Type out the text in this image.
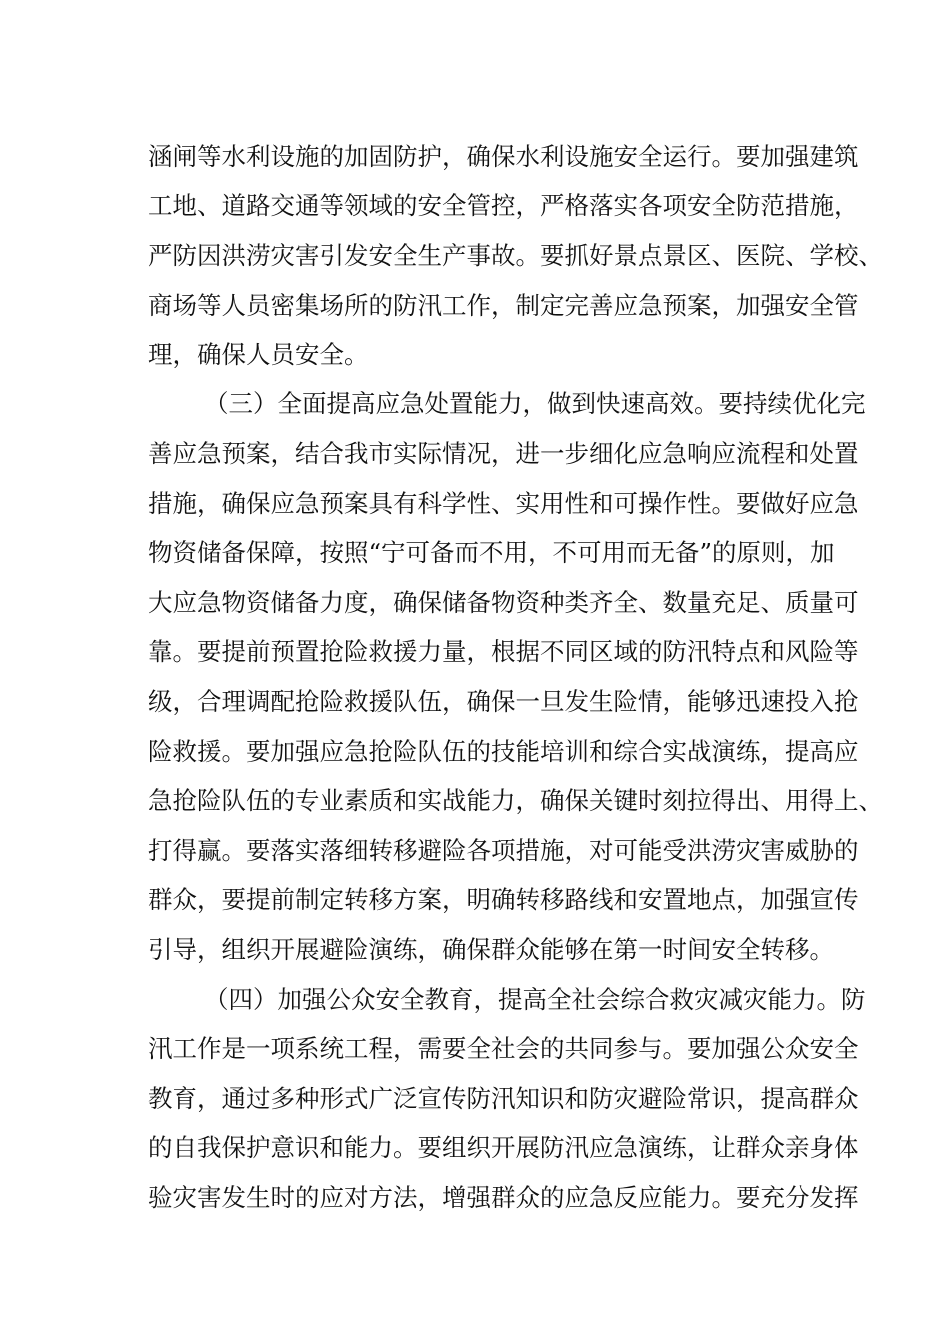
涵闸等水利设施的加固防护，确保水利设施安全运行。要加强建筑
工地、道路交通等领域的安全管控，严格落实各项安全防范措施，
严防因洪涝灾害引发安全生产事故。要抓好景点景区、医院、学校、
商场等人员密集场所的防汛工作，制定完善应急预案，加强安全管
理，确保人员安全。
（三）全面提高应急处置能力，做到快速高效。要持续优化完
善应急预案，结合我市实际情况，进一步细化应急响应流程和处置
措施，确保应急预案具有科学性、实用性和可操作性。要做好应急
物资储备保障，按照“宁可备而不用，不可用而无备”的原则，加
大应急物资储备力度，确保储备物资种类齐全、数量充足、质量可
靠。要提前预置抢险救援力量，根据不同区域的防汛特点和风险等
级，合理调配抢险救援队伍，确保一旦发生险情，能够迅速投入抢
险救援。要加强应急抢险队伍的技能培训和综合实战演练，提高应
急抢险队伍的专业素质和实战能力，确保关键时刻拉得出、用得上、
打得赢。要落实落细转移避险各项措施，对可能受洪涝灾害威胁的
群众，要提前制定转移方案，明确转移路线和安置地点，加强宣传
引导，组织开展避险演练，确保群众能够在第一时间安全转移。
（四）加强公众安全教育，提高全社会综合救灾减灾能力。防
汛工作是一项系统工程，需要全社会的共同参与。要加强公众安全
教育，通过多种形式广泛宣传防汛知识和防灾避险常识，提高群众
的自我保护意识和能力。要组织开展防汛应急演练，让群众亲身体
验灾害发生时的应对方法，增强群众的应急反应能力。要充分发挥
